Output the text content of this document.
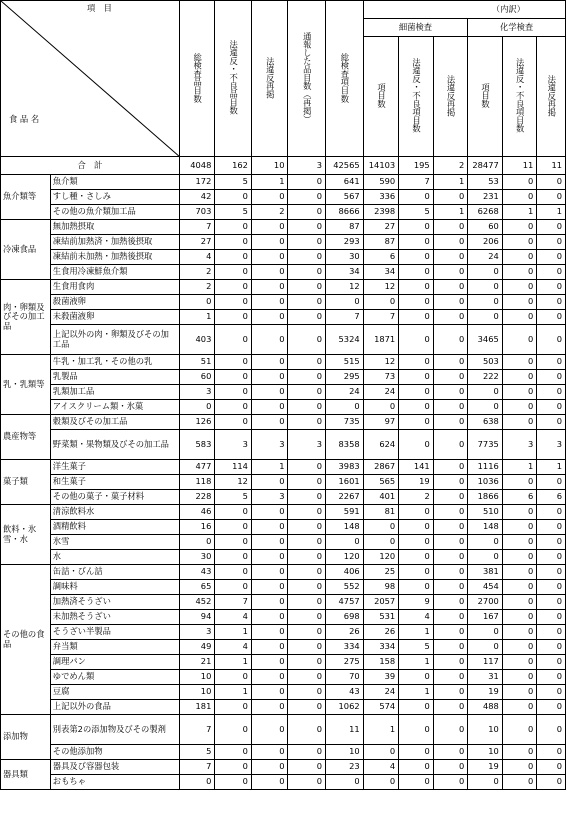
項　目
食 品 名		総検査品目数	法違反・不良品目数	法違反再掲	通報した品目数（再掲）	総検査項目数	（内訳）					
							細菌検査			化学検査		
							項目数	法違反・不良項目数	法違反再掲	項目数	法違反・不良項目数	法違反再掲
合　計		4048	162	10	3	42565	14103	195	2	28477	11	11
魚介類等	魚介類	172	5	1	0	641	590	7	1	53	0	0
	すし種・さしみ	42	0	0	0	567	336	0	0	231	0	0
	その他の魚介類加工品	703	5	2	0	8666	2398	5	1	6268	1	1
冷凍食品	無加熱摂取	7	0	0	0	87	27	0	0	60	0	0
	凍結前加熱済・加熱後摂取	27	0	0	0	293	87	0	0	206	0	0
	凍結前未加熱・加熱後摂取	4	0	0	0	30	6	0	0	24	0	0
	生食用冷凍鮮魚介類	2	0	0	0	34	34	0	0	0	0	0
肉・卵類及びその加工品	生食用食肉	2	0	0	0	12	12	0	0	0	0	0
	殺菌液卵	0	0	0	0	0	0	0	0	0	0	0
	未殺菌液卵	1	0	0	0	7	7	0	0	0	0	0
	上記以外の肉・卵類及びその加工品	403	0	0	0	5324	1871	0	0	3465	0	0
乳・乳類等	牛乳・加工乳・その他の乳	51	0	0	0	515	12	0	0	503	0	0
	乳製品	60	0	0	0	295	73	0	0	222	0	0
	乳類加工品	3	0	0	0	24	24	0	0	0	0	0
	アイスクリーム類・氷菓	0	0	0	0	0	0	0	0	0	0	0
農産物等	穀類及びその加工品	126	0	0	0	735	97	0	0	638	0	0
	野菜類・果物類及びその加工品	583	3	3	3	8358	624	0	0	7735	3	3
菓子類	洋生菓子	477	114	1	0	3983	2867	141	0	1116	1	1
	和生菓子	118	12	0	0	1601	565	19	0	1036	0	0
	その他の菓子・菓子材料	228	5	3	0	2267	401	2	0	1866	6	6
飲料・氷雪・水	清涼飲料水	46	0	0	0	591	81	0	0	510	0	0
	酒精飲料	16	0	0	0	148	0	0	0	148	0	0
	氷雪	0	0	0	0	0	0	0	0	0	0	0
	水	30	0	0	0	120	120	0	0	0	0	0
その他の食品	缶詰・びん詰	43	0	0	0	406	25	0	0	381	0	0
	調味料	65	0	0	0	552	98	0	0	454	0	0
	加熱済そうざい	452	7	0	0	4757	2057	9	0	2700	0	0
	未加熱そうざい	94	4	0	0	698	531	4	0	167	0	0
	そうざい半製品	3	1	0	0	26	26	1	0	0	0	0
	弁当類	49	4	0	0	334	334	5	0	0	0	0
	調理パン	21	1	0	0	275	158	1	0	117	0	0
	ゆでめん類	10	0	0	0	70	39	0	0	31	0	0
	豆腐	10	1	0	0	43	24	1	0	19	0	0
	上記以外の食品	181	0	0	0	1062	574	0	0	488	0	0
添加物	別表第2の添加物及びその製剤	7	0	0	0	11	1	0	0	10	0	0
	その他添加物	5	0	0	0	10	0	0	0	10	0	0
器具類	器具及び容器包装	7	0	0	0	23	4	0	0	19	0	0
	おもちゃ	0	0	0	0	0	0	0	0	0	0	0
